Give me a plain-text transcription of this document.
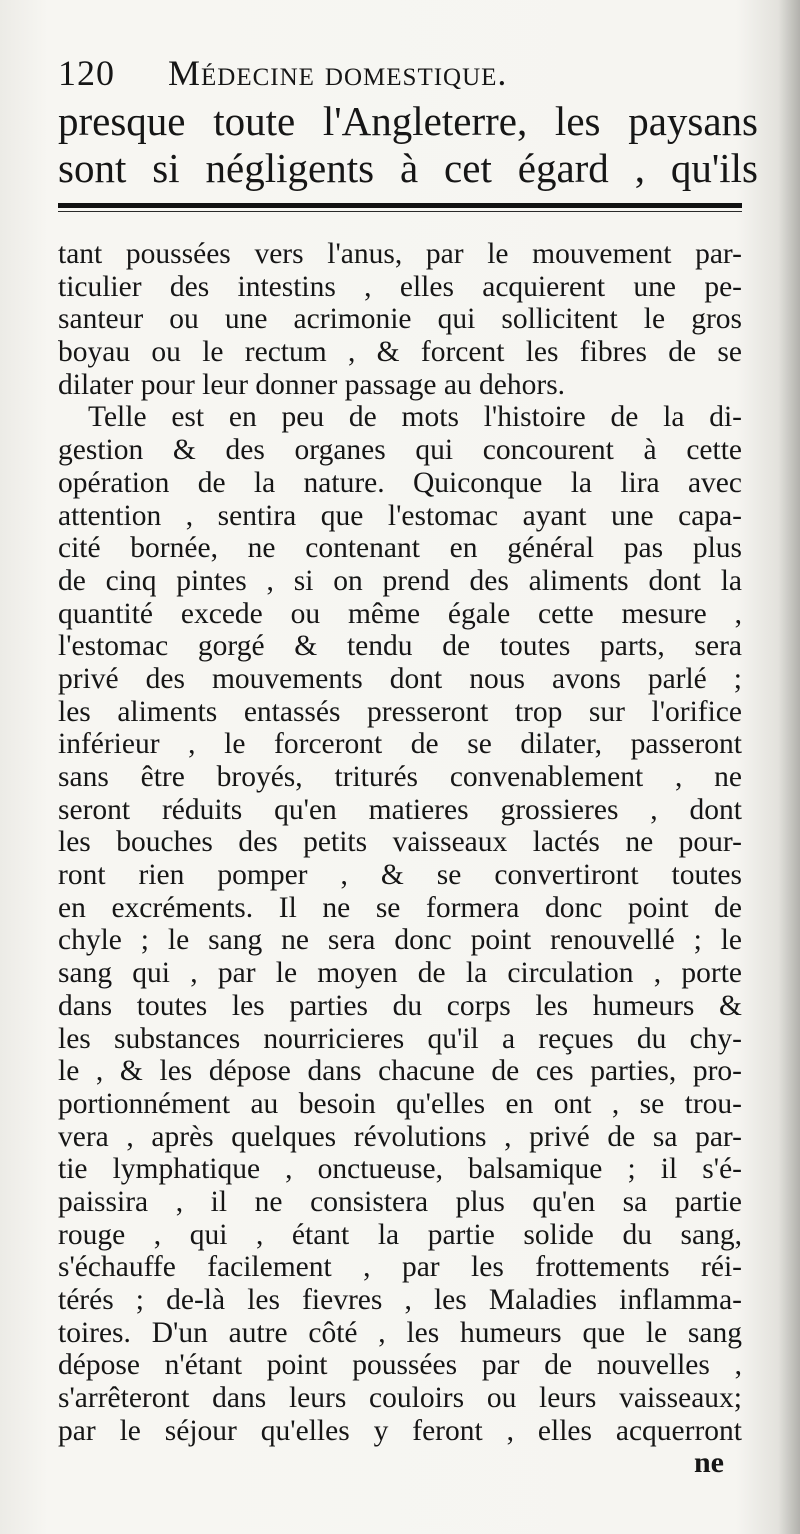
120 Médecine domestique.
presque toute l'Angleterre, les paysans
sont si négligents à cet égard , qu'ils
tant poussées vers l'anus, par le mouvement par-
ticulier des intestins , elles acquierent une pe-
santeur ou une acrimonie qui sollicitent le gros
boyau ou le rectum , & forcent les fibres de se
dilater pour leur donner passage au dehors.
Telle est en peu de mots l'histoire de la di-
gestion & des organes qui concourent à cette
opération de la nature. Quiconque la lira avec
attention , sentira que l'estomac ayant une capa-
cité bornée, ne contenant en général pas plus
de cinq pintes , si on prend des aliments dont la
quantité excede ou même égale cette mesure ,
l'estomac gorgé & tendu de toutes parts, sera
privé des mouvements dont nous avons parlé ;
les aliments entassés presseront trop sur l'orifice
inférieur , le forceront de se dilater, passeront
sans être broyés, triturés convenablement , ne
seront réduits qu'en matieres grossieres , dont
les bouches des petits vaisseaux lactés ne pour-
ront rien pomper , & se convertiront toutes
en excréments. Il ne se formera donc point de
chyle ; le sang ne sera donc point renouvellé ; le
sang qui , par le moyen de la circulation , porte
dans toutes les parties du corps les humeurs &
les substances nourricieres qu'il a reçues du chy-
le , & les dépose dans chacune de ces parties, pro-
portionnément au besoin qu'elles en ont , se trou-
vera , après quelques révolutions , privé de sa par-
tie lymphatique , onctueuse, balsamique ; il s'é-
paissira , il ne consistera plus qu'en sa partie
rouge , qui , étant la partie solide du sang,
s'échauffe facilement , par les frottements réi-
térés ; de-là les fievres , les Maladies inflamma-
toires. D'un autre côté , les humeurs que le sang
dépose n'étant point poussées par de nouvelles ,
s'arrêteront dans leurs couloirs ou leurs vaisseaux;
par le séjour qu'elles y feront , elles acquerront
ne
